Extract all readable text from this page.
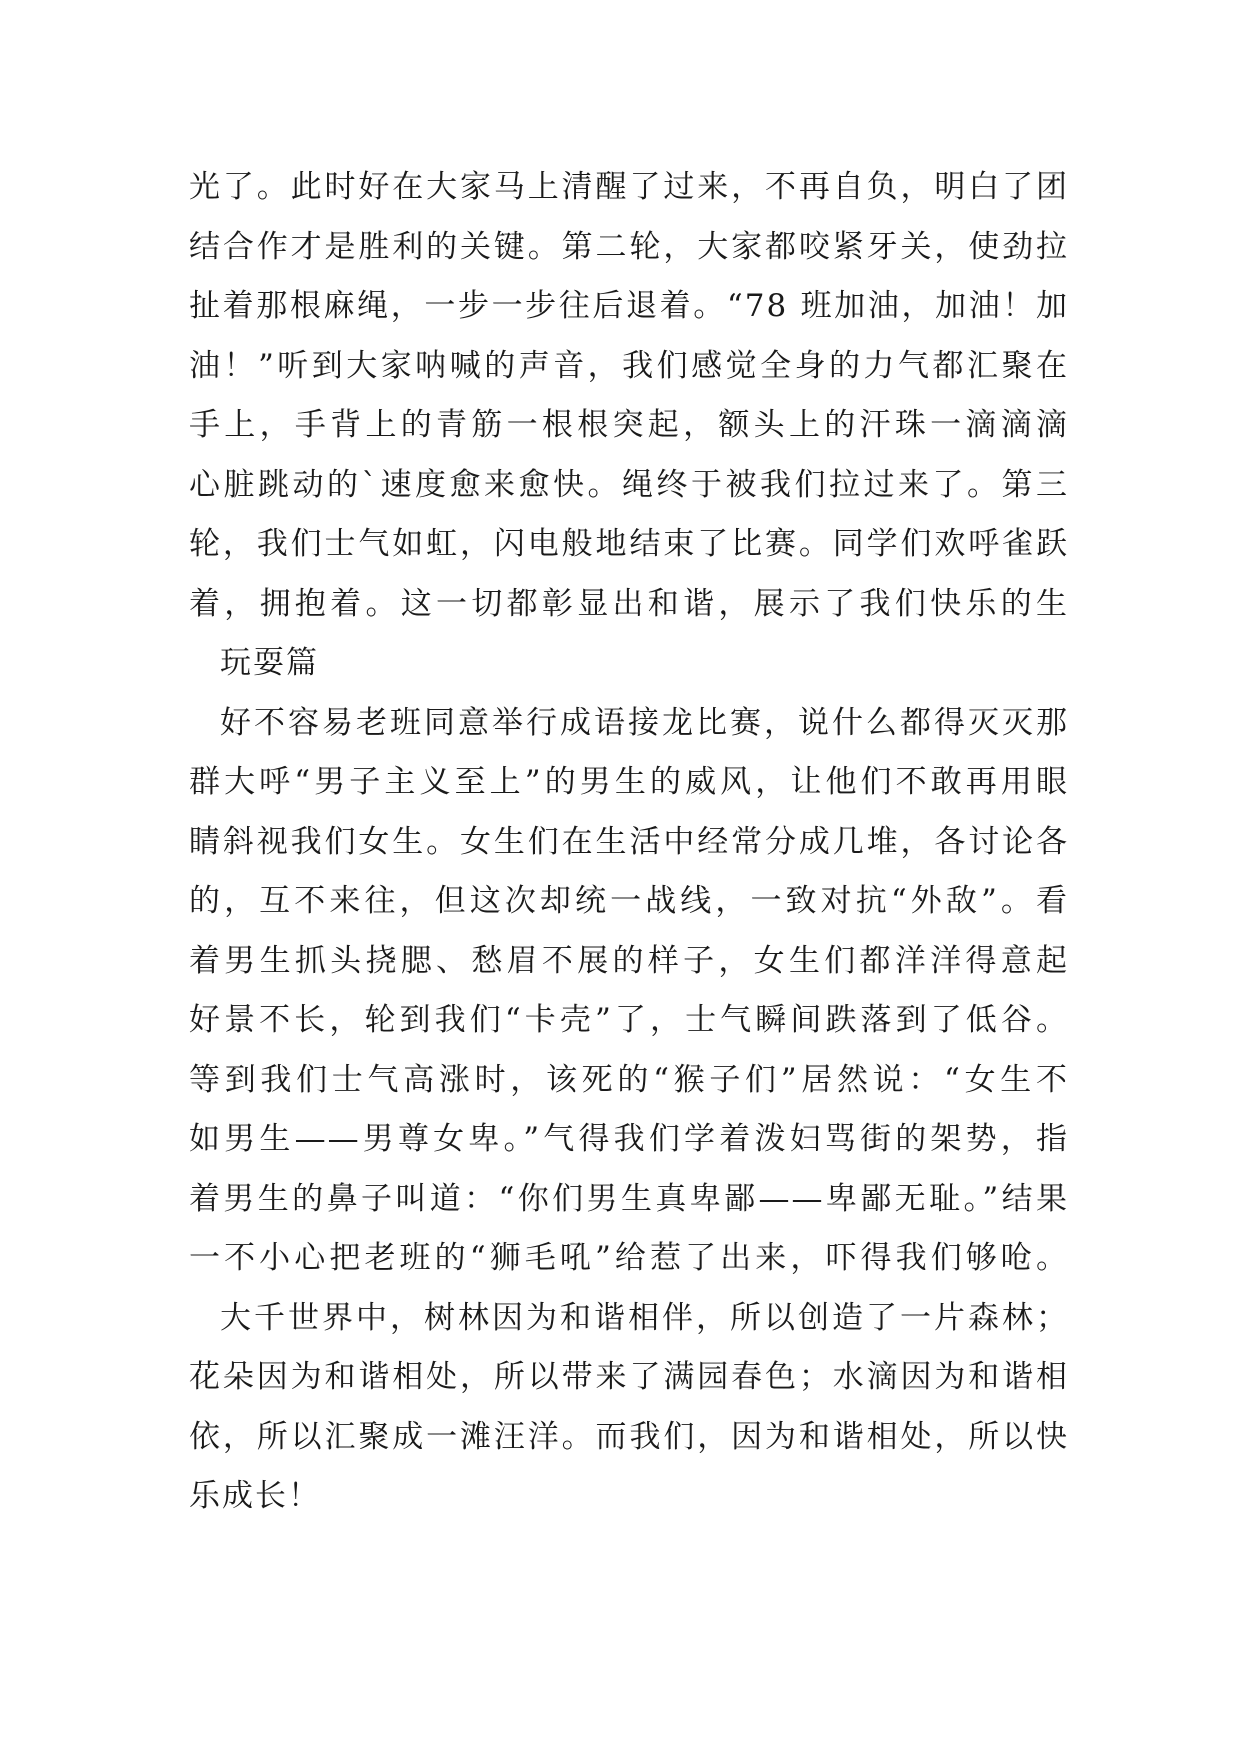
光了。此时好在大家马上清醒了过来，不再自负，明白了团
结合作才是胜利的关键。第二轮，大家都咬紧牙关，使劲拉
扯着那根麻绳，一步一步往后退着。“78 班加油，加油！加
油！”听到大家呐喊的声音，我们感觉全身的力气都汇聚在
手上，手背上的青筋一根根突起，额头上的汗珠一滴滴滴
心脏跳动的`速度愈来愈快。绳终于被我们拉过来了。第三
轮，我们士气如虹，闪电般地结束了比赛。同学们欢呼雀跃
着，拥抱着。这一切都彰显出和谐，展示了我们快乐的生
玩耍篇
好不容易老班同意举行成语接龙比赛，说什么都得灭灭那
群大呼“男子主义至上”的男生的威风，让他们不敢再用眼
睛斜视我们女生。女生们在生活中经常分成几堆，各讨论各
的，互不来往，但这次却统一战线，一致对抗“外敌”。看
着男生抓头挠腮、愁眉不展的样子，女生们都洋洋得意起
好景不长，轮到我们“卡壳”了，士气瞬间跌落到了低谷。
等到我们士气高涨时，该死的“猴子们”居然说：“女生不
如男生——男尊女卑。”气得我们学着泼妇骂街的架势，指
着男生的鼻子叫道：“你们男生真卑鄙——卑鄙无耻。”结果
一不小心把老班的“狮毛吼”给惹了出来，吓得我们够呛。
大千世界中，树林因为和谐相伴，所以创造了一片森林；
花朵因为和谐相处，所以带来了满园春色；水滴因为和谐相
依，所以汇聚成一滩汪洋。而我们，因为和谐相处，所以快
乐成长！
